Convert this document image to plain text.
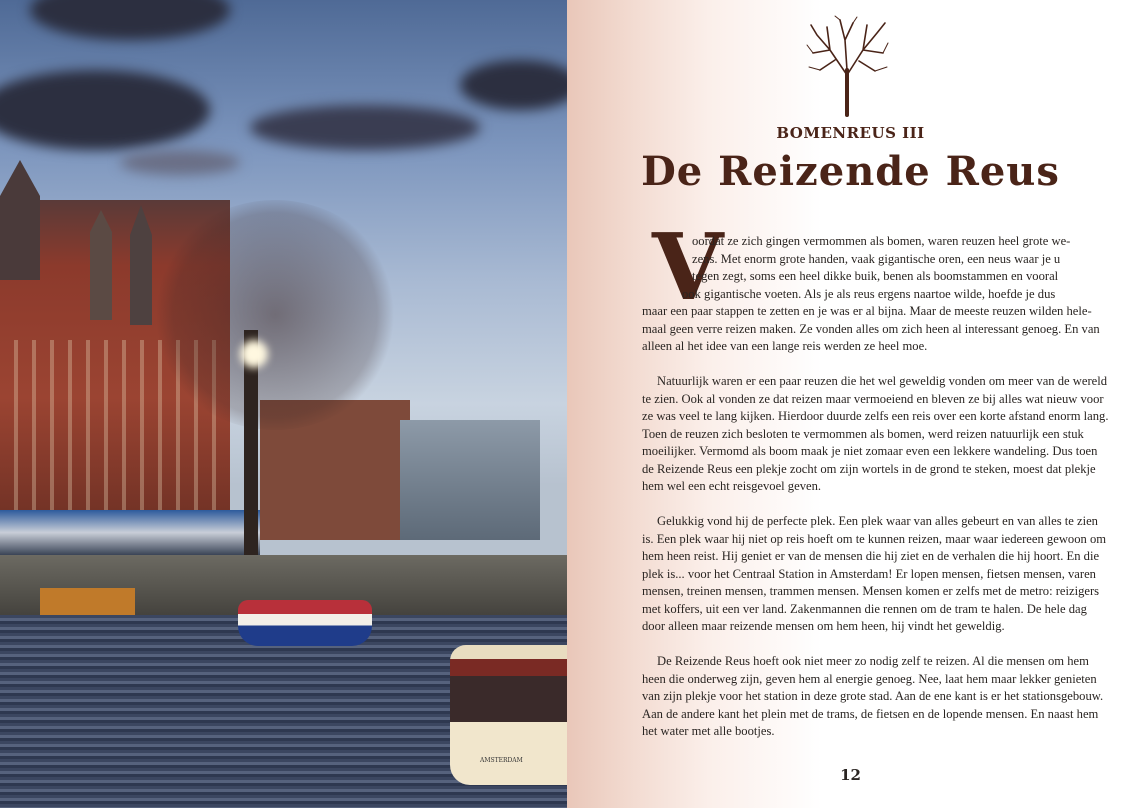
AMSTERDAM
BOMENREUS III
De Reizende Reus
V
oordat ze zich gingen vermommen als bomen, waren reuzen heel grote we-
zens. Met enorm grote handen, vaak gigantische oren, een neus waar je u
tegen zegt, soms een heel dikke buik, benen als boomstammen en vooral
ook gigantische voeten. Als je als reus ergens naartoe wilde, hoefde je dus
maar een paar stappen te zetten en je was er al bijna. Maar de meeste reuzen wilden hele-
maal geen verre reizen maken. Ze vonden alles om zich heen al interessant genoeg. En van
alleen al het idee van een lange reis werden ze heel moe.
Natuurlijk waren er een paar reuzen die het wel geweldig vonden om meer van de wereld
te zien. Ook al vonden ze dat reizen maar vermoeiend en bleven ze bij alles wat nieuw voor
ze was veel te lang kijken. Hierdoor duurde zelfs een reis over een korte afstand enorm lang.
Toen de reuzen zich besloten te vermommen als bomen, werd reizen natuurlijk een stuk
moeilijker. Vermomd als boom maak je niet zomaar even een lekkere wandeling. Dus toen
de Reizende Reus een plekje zocht om zijn wortels in de grond te steken, moest dat plekje
hem wel een echt reisgevoel geven.
Gelukkig vond hij de perfecte plek. Een plek waar van alles gebeurt en van alles te zien
is. Een plek waar hij niet op reis hoeft om te kunnen reizen, maar waar iedereen gewoon om
hem heen reist. Hij geniet er van de mensen die hij ziet en de verhalen die hij hoort. En die
plek is... voor het Centraal Station in Amsterdam! Er lopen mensen, fietsen mensen, varen
mensen, treinen mensen, trammen mensen. Mensen komen er zelfs met de metro: reizigers
met koffers, uit een ver land. Zakenmannen die rennen om de tram te halen. De hele dag
door alleen maar reizende mensen om hem heen, hij vindt het geweldig.
De Reizende Reus hoeft ook niet meer zo nodig zelf te reizen. Al die mensen om hem
heen die onderweg zijn, geven hem al energie genoeg. Nee, laat hem maar lekker genieten
van zijn plekje voor het station in deze grote stad. Aan de ene kant is er het stationsgebouw.
Aan de andere kant het plein met de trams, de fietsen en de lopende mensen. En naast hem
het water met alle bootjes.
12
